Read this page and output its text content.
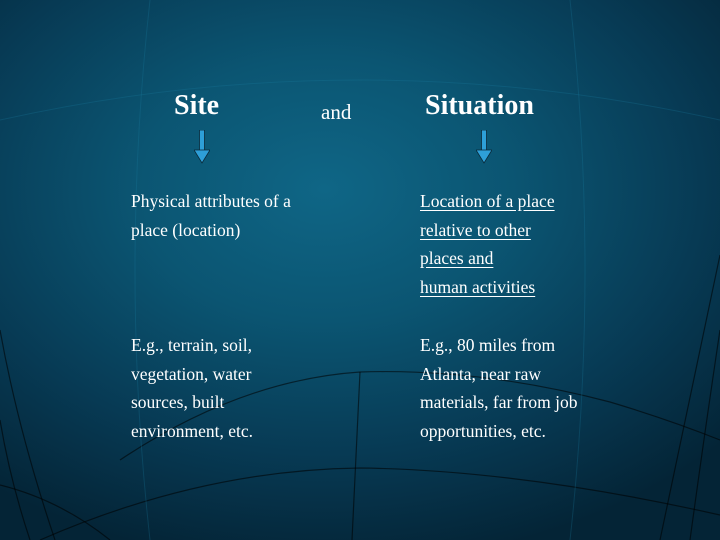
Site	and	Situation

Physical attributes of a
place (location)

Location of a place
relative to other
places and
human activities

E.g., terrain, soil,
vegetation, water
sources, built
environment, etc.

E.g., 80 miles from
Atlanta, near raw
materials, far from job
opportunities, etc.
